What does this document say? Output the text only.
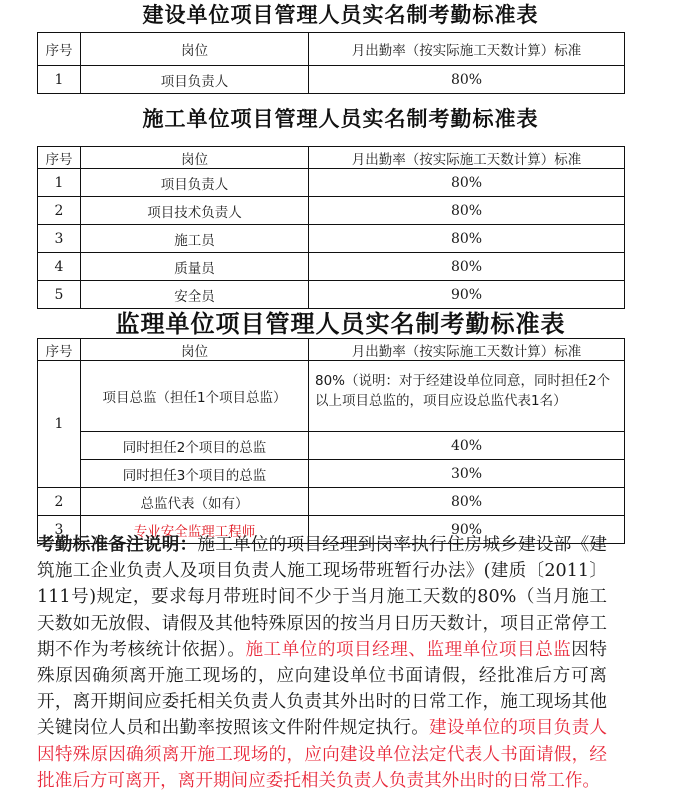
建设单位项目管理人员实名制考勤标准表
序号	岗位	月出勤率（按实际施工天数计算）标准
1	项目负责人	80%
施工单位项目管理人员实名制考勤标准表
序号	岗位	月出勤率（按实际施工天数计算）标准
1	项目负责人	80%
2	项目技术负责人	80%
3	施工员	80%
4	质量员	80%
5	安全员	90%
监理单位项目管理人员实名制考勤标准表
序号	岗位	月出勤率（按实际施工天数计算）标准
1	项目总监（担任1个项目总监）	80%（说明：对于经建设单位同意，同时担任2个以上项目总监的，项目应设总监代表1名）
	同时担任2个项目的总监	40%
	同时担任3个项目的总监	30%
2	总监代表（如有）	80%
3	专业安全监理工程师	90%
考勤标准备注说明：施工单位的项目经理到岗率执行住房城乡建设部《建筑施工企业负责人及项目负责人施工现场带班暂行办法》(建质〔2011〕111号)规定，要求每月带班时间不少于当月施工天数的80%（当月施工天数如无放假、请假及其他特殊原因的按当月日历天数计，项目正常停工期不作为考核统计依据）。施工单位的项目经理、监理单位项目总监因特殊原因确须离开施工现场的，应向建设单位书面请假，经批准后方可离开，离开期间应委托相关负责人负责其外出时的日常工作，施工现场其他关键岗位人员和出勤率按照该文件附件规定执行。建设单位的项目负责人因特殊原因确须离开施工现场的，应向建设单位法定代表人书面请假，经批准后方可离开，离开期间应委托相关负责人负责其外出时的日常工作。
